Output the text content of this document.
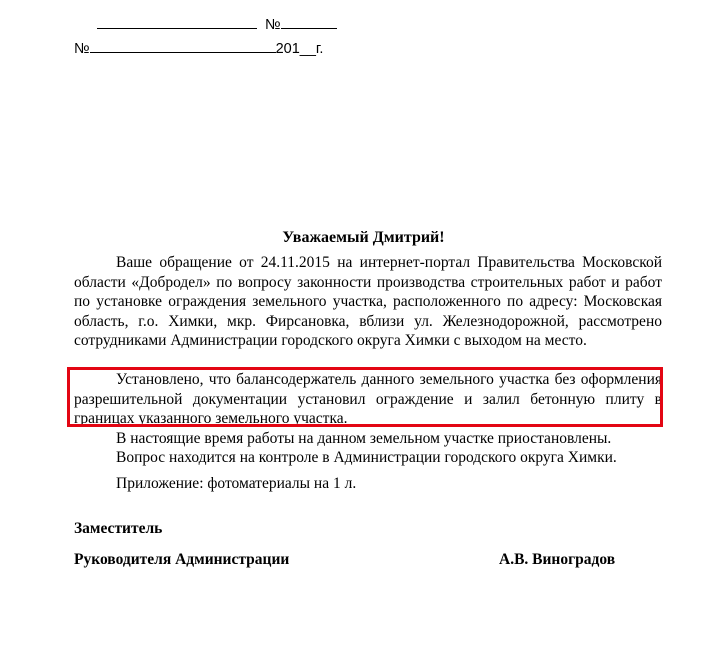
№
№	201__г.
Уважаемый Дмитрий!

Ваше обращение от 24.11.2015 на интернет-портал Правительства Московской области «Добродел» по вопросу законности производства строительных работ и работ по установке ограждения земельного участка, расположенного по адресу: Московская область, г.о. Химки, мкр. Фирсановка, вблизи ул. Железнодорожной, рассмотрено сотрудниками Администрации городского округа Химки с выходом на место.

Установлено, что балансодержатель данного земельного участка без оформления разрешительной документации установил ограждение и залил бетонную плиту в границах указанного земельного участка.

В настоящие время работы на данном земельном участке приостановлены.

Вопрос находится на контроле в Администрации городского округа Химки.

Приложение: фотоматериалы на 1 л.

Заместитель
Руководителя Администрации	А.В. Виноградов
